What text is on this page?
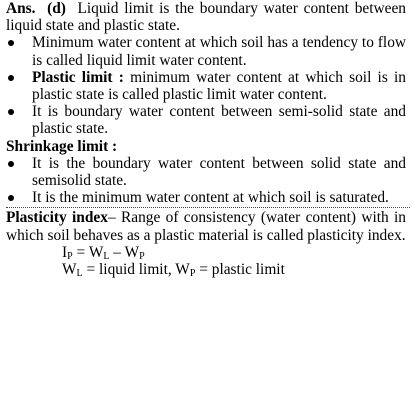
Ans. (d) Liquid limit is the boundary water content between liquid state and plastic state.

Minimum water content at which soil has a tendency to flow is called liquid limit water content.
Plastic limit : minimum water content at which soil is in plastic state is called plastic limit water content.
It is boundary water content between semi-solid state and plastic state.

Shrinkage limit :

It is the boundary water content between solid state and semisolid state.
It is the minimum water content at which soil is saturated.

Plasticity index– Range of consistency (water content) with in which soil behaves as a plastic material is called plasticity index.

$I_P = W_L - W_P$
$W_L$ = liquid limit, $W_P$ = plastic limit
